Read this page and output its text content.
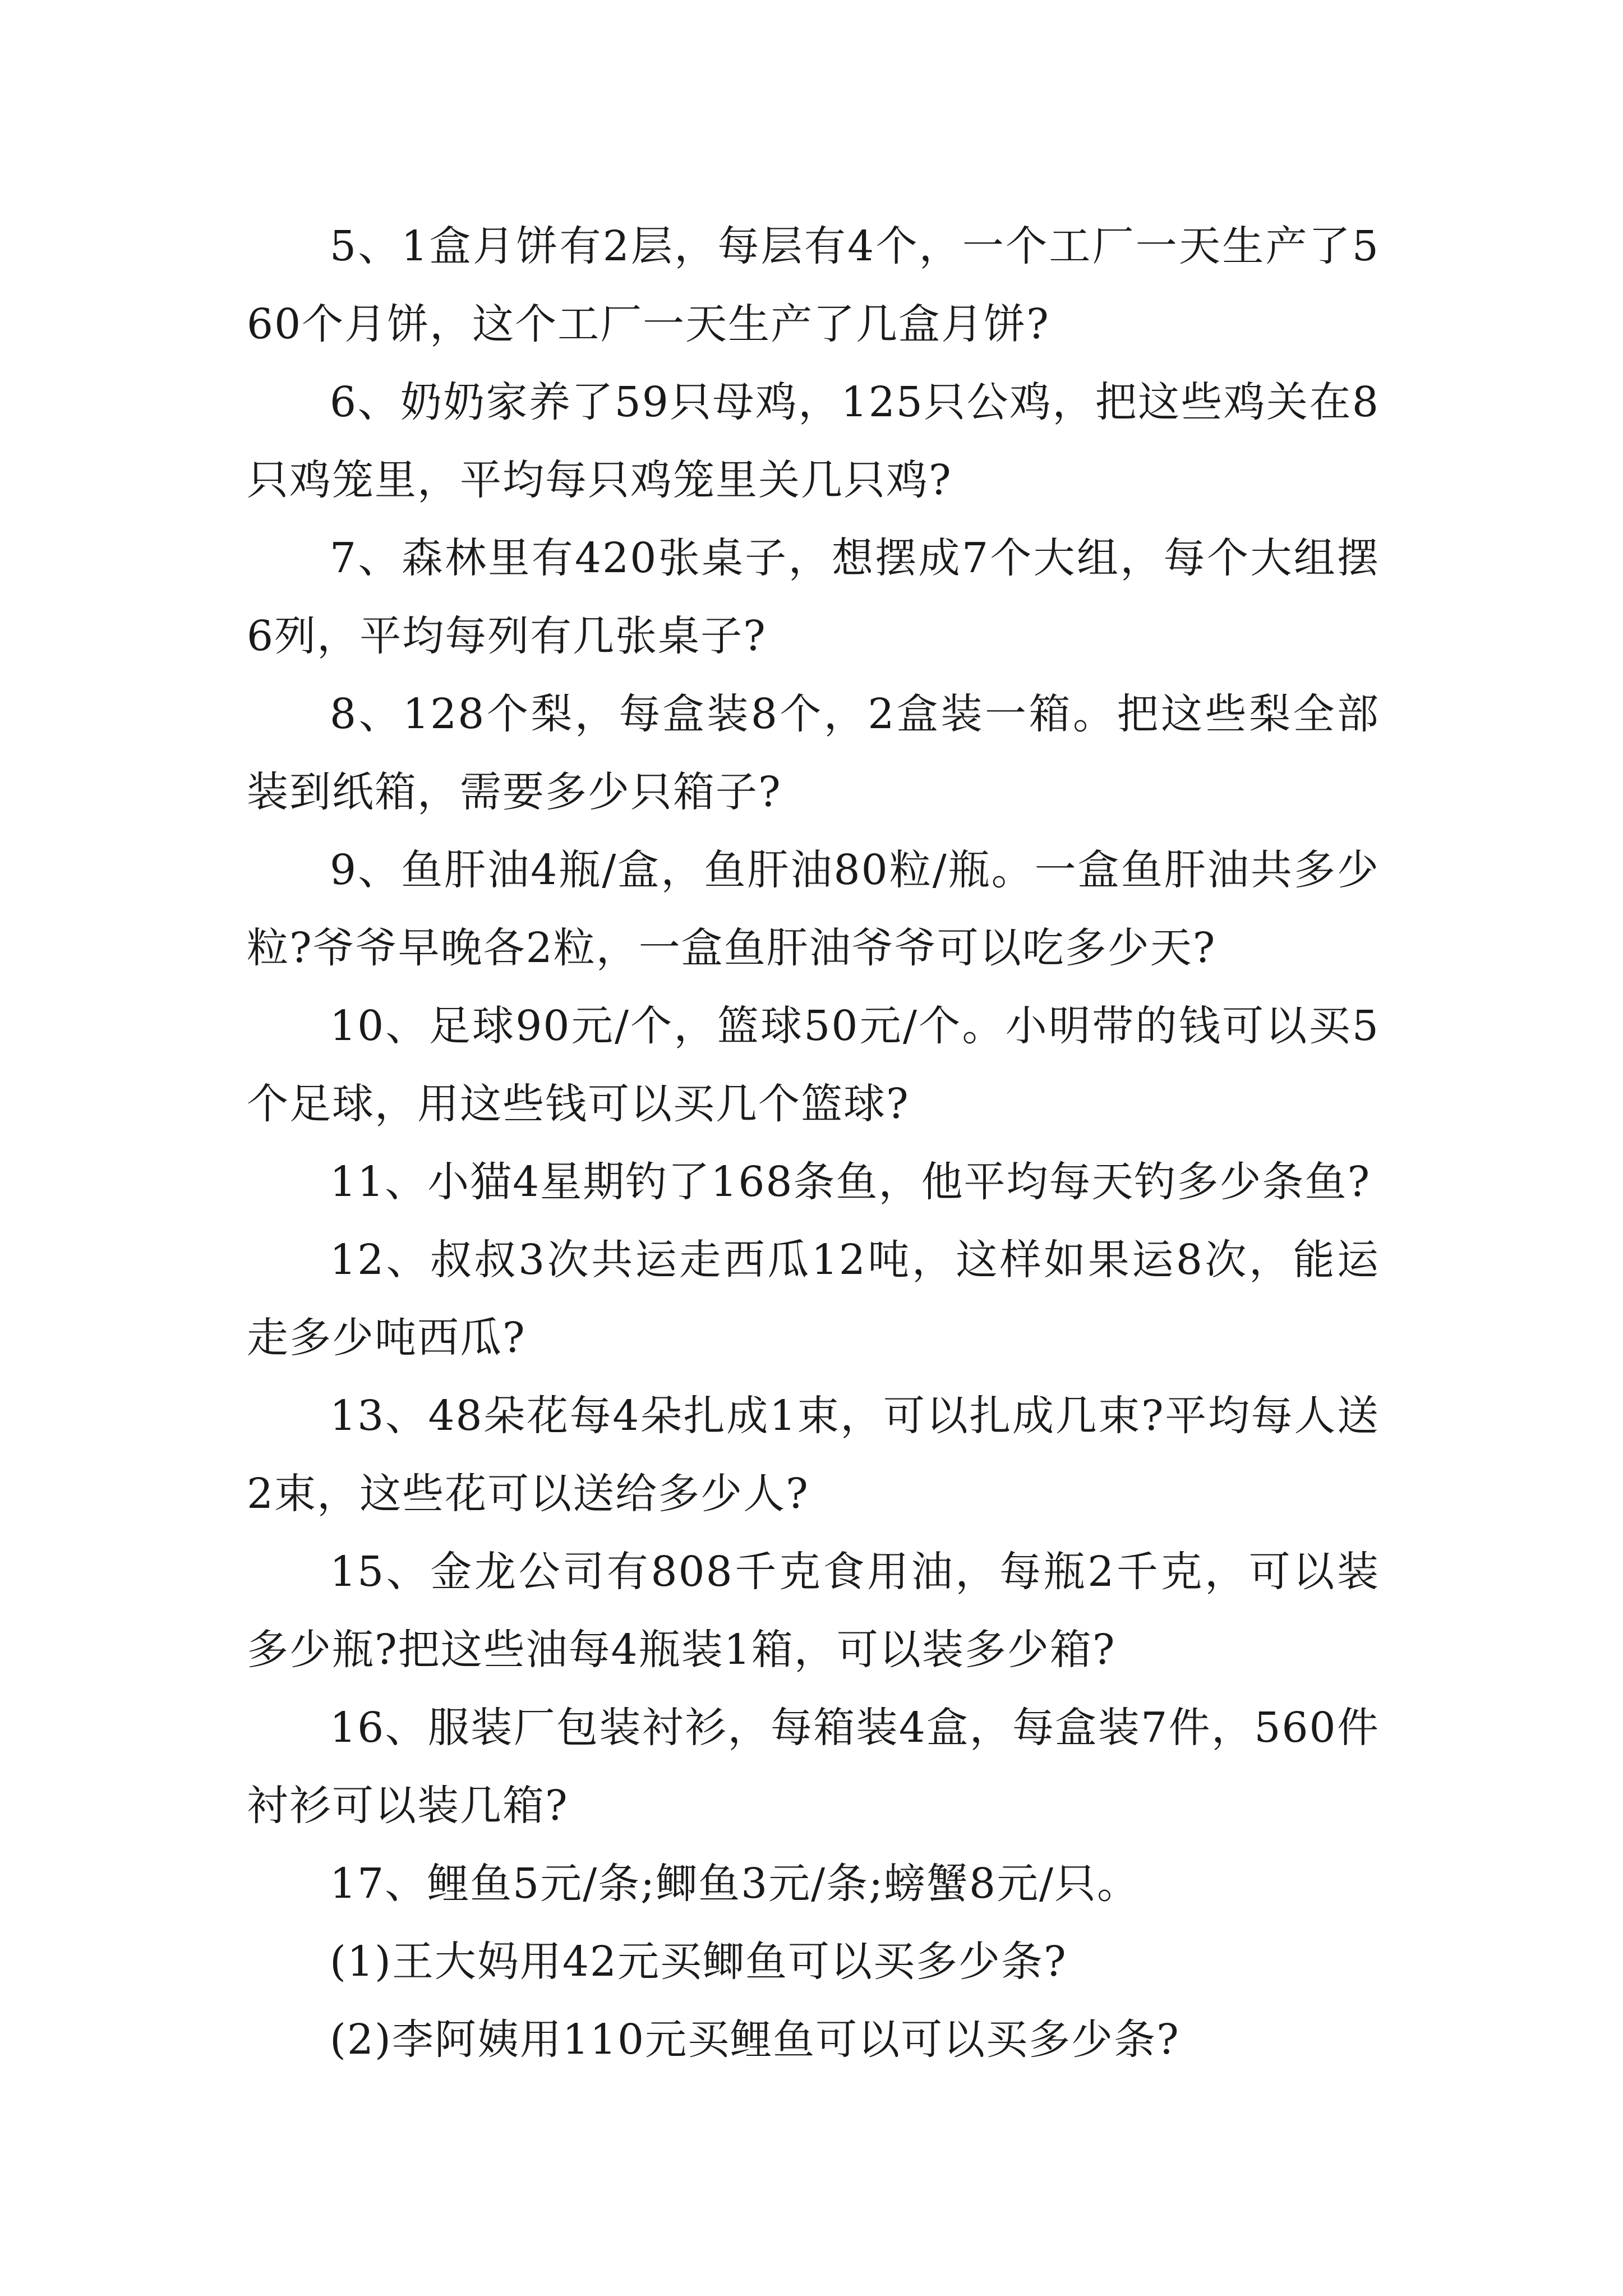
5、1盒月饼有2层，每层有4个，一个工厂一天生产了560个月饼，这个工厂一天生产了几盒月饼?

6、奶奶家养了59只母鸡，125只公鸡，把这些鸡关在8只鸡笼里，平均每只鸡笼里关几只鸡?

7、森林里有420张桌子，想摆成7个大组，每个大组摆6列，平均每列有几张桌子?

8、128个梨，每盒装8个，2盒装一箱。把这些梨全部装到纸箱，需要多少只箱子?

9、鱼肝油4瓶/盒，鱼肝油80粒/瓶。一盒鱼肝油共多少粒?爷爷早晚各2粒，一盒鱼肝油爷爷可以吃多少天?

10、足球90元/个，篮球50元/个。小明带的钱可以买5个足球，用这些钱可以买几个篮球?

11、小猫4星期钓了168条鱼，他平均每天钓多少条鱼?

12、叔叔3次共运走西瓜12吨，这样如果运8次，能运走多少吨西瓜?

13、48朵花每4朵扎成1束，可以扎成几束?平均每人送2束，这些花可以送给多少人?

15、金龙公司有808千克食用油，每瓶2千克，可以装多少瓶?把这些油每4瓶装1箱，可以装多少箱?

16、服装厂包装衬衫，每箱装4盒，每盒装7件，560件衬衫可以装几箱?

17、鲤鱼5元/条;鲫鱼3元/条;螃蟹8元/只。

(1)王大妈用42元买鲫鱼可以买多少条?

(2)李阿姨用110元买鲤鱼可以可以买多少条?
